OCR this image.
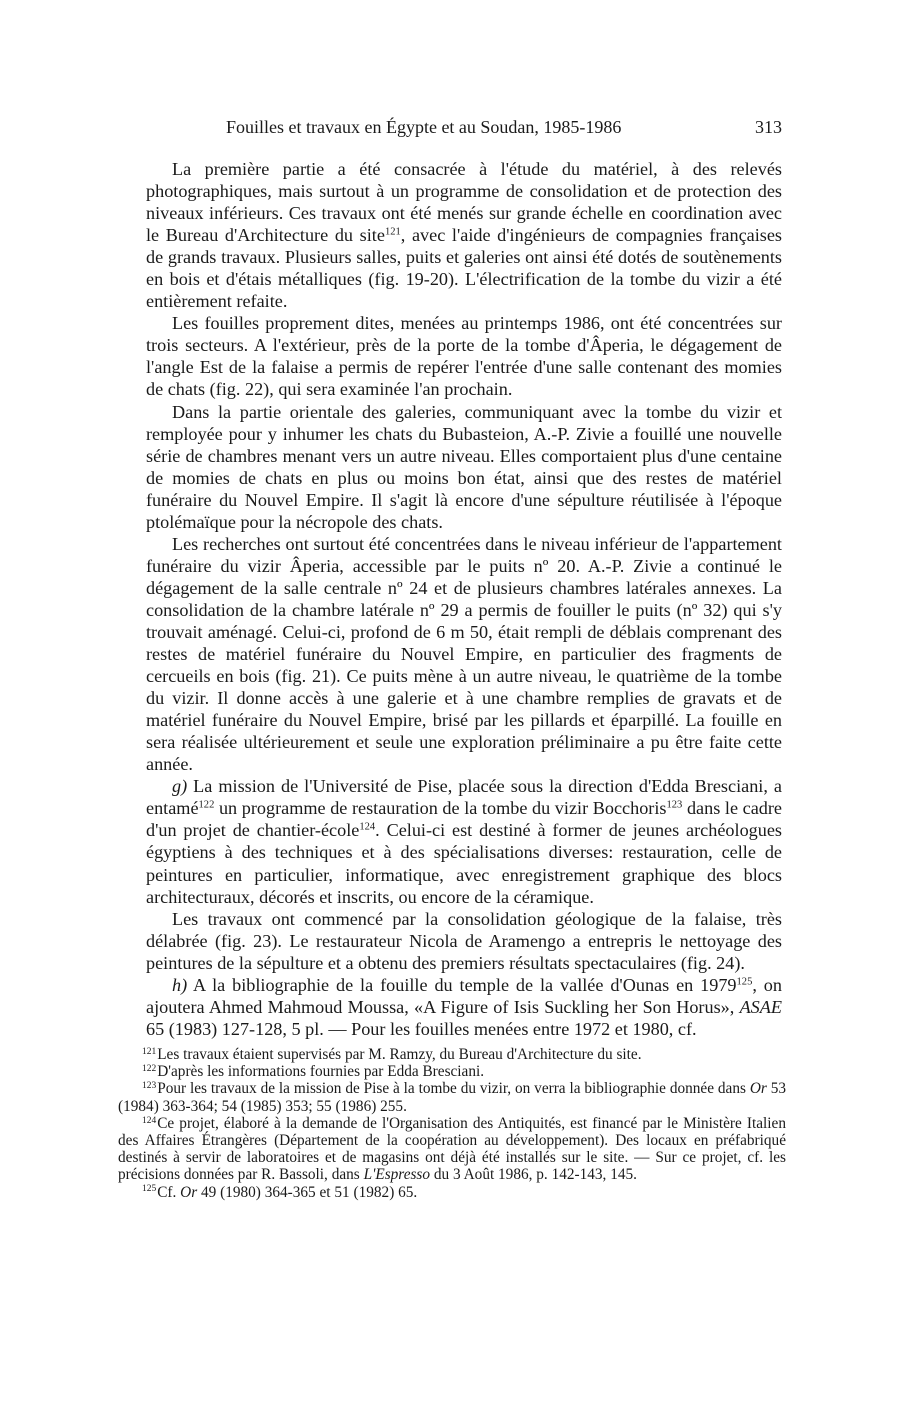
Fouilles et travaux en Égypte et au Soudan, 1985-1986	313

La première partie a été consacrée à l'étude du matériel, à des relevés photographiques, mais surtout à un programme de consolidation et de protection des niveaux inférieurs. Ces travaux ont été menés sur grande échelle en coordination avec le Bureau d'Architecture du site$^{121}$, avec l'aide d'ingénieurs de compagnies françaises de grands travaux. Plusieurs salles, puits et galeries ont ainsi été dotés de soutènements en bois et d'étais métalliques (fig. 19-20). L'électrification de la tombe du vizir a été entièrement refaite.

Les fouilles proprement dites, menées au printemps 1986, ont été concentrées sur trois secteurs. A l'extérieur, près de la porte de la tombe d'Âperia, le dégagement de l'angle Est de la falaise a permis de repérer l'entrée d'une salle contenant des momies de chats (fig. 22), qui sera examinée l'an prochain.

Dans la partie orientale des galeries, communiquant avec la tombe du vizir et remployée pour y inhumer les chats du Bubasteion, A.-P. Zivie a fouillé une nouvelle série de chambres menant vers un autre niveau. Elles comportaient plus d'une centaine de momies de chats en plus ou moins bon état, ainsi que des restes de matériel funéraire du Nouvel Empire. Il s'agit là encore d'une sépulture réutilisée à l'époque ptolémaïque pour la nécropole des chats.

Les recherches ont surtout été concentrées dans le niveau inférieur de l'appartement funéraire du vizir Âperia, accessible par le puits nº 20. A.-P. Zivie a continué le dégagement de la salle centrale nº 24 et de plusieurs chambres latérales annexes. La consolidation de la chambre latérale nº 29 a permis de fouiller le puits (nº 32) qui s'y trouvait aménagé. Celui-ci, profond de 6 m 50, était rempli de déblais comprenant des restes de matériel funéraire du Nouvel Empire, en particulier des fragments de cercueils en bois (fig. 21). Ce puits mène à un autre niveau, le quatrième de la tombe du vizir. Il donne accès à une galerie et à une chambre remplies de gravats et de matériel funéraire du Nouvel Empire, brisé par les pillards et éparpillé. La fouille en sera réalisée ultérieurement et seule une exploration préliminaire a pu être faite cette année.

g) La mission de l'Université de Pise, placée sous la direction d'Edda Bresciani, a entamé$^{122}$ un programme de restauration de la tombe du vizir Bocchoris$^{123}$ dans le cadre d'un projet de chantier-école$^{124}$. Celui-ci est destiné à former de jeunes archéologues égyptiens à des techniques et à des spécialisations diverses: restauration, celle de peintures en particulier, informatique, avec enregistrement graphique des blocs architecturaux, décorés et inscrits, ou encore de la céramique.

Les travaux ont commencé par la consolidation géologique de la falaise, très délabrée (fig. 23). Le restaurateur Nicola de Aramengo a entrepris le nettoyage des peintures de la sépulture et a obtenu des premiers résultats spectaculaires (fig. 24).

h) A la bibliographie de la fouille du temple de la vallée d'Ounas en 1979$^{125}$, on ajoutera Ahmed Mahmoud Moussa, «A Figure of Isis Suckling her Son Horus», ASAE 65 (1983) 127-128, 5 pl. — Pour les fouilles menées entre 1972 et 1980, cf.

$^{121}$Les travaux étaient supervisés par M. Ramzy, du Bureau d'Architecture du site.

$^{122}$D'après les informations fournies par Edda Bresciani.

$^{123}$Pour les travaux de la mission de Pise à la tombe du vizir, on verra la bibliographie donnée dans Or 53 (1984) 363-364; 54 (1985) 353; 55 (1986) 255.

$^{124}$Ce projet, élaboré à la demande de l'Organisation des Antiquités, est financé par le Ministère Italien des Affaires Étrangères (Département de la coopération au développement). Des locaux en préfabriqué destinés à servir de laboratoires et de magasins ont déjà été installés sur le site. — Sur ce projet, cf. les précisions données par R. Bassoli, dans L'Espresso du 3 Août 1986, p. 142-143, 145.

$^{125}$Cf. Or 49 (1980) 364-365 et 51 (1982) 65.
